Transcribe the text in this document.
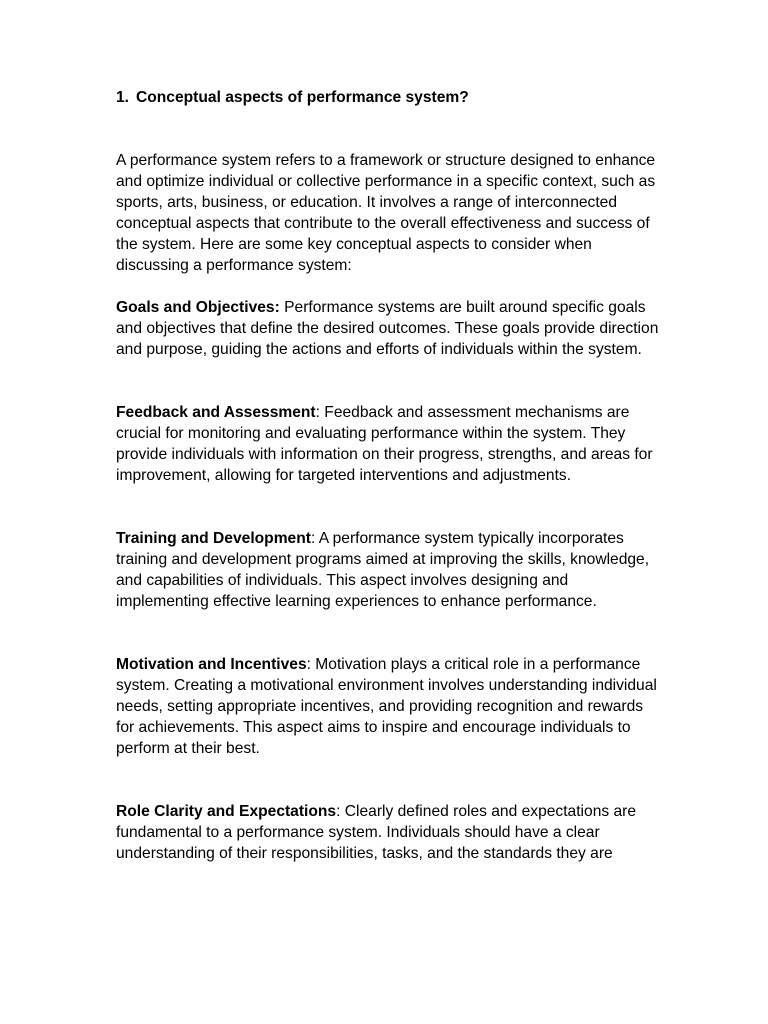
1. Conceptual aspects of performance system?

A performance system refers to a framework or structure designed to enhance and optimize individual or collective performance in a specific context, such as sports, arts, business, or education. It involves a range of interconnected conceptual aspects that contribute to the overall effectiveness and success of the system. Here are some key conceptual aspects to consider when discussing a performance system:

Goals and Objectives: Performance systems are built around specific goals and objectives that define the desired outcomes. These goals provide direction and purpose, guiding the actions and efforts of individuals within the system.

Feedback and Assessment: Feedback and assessment mechanisms are crucial for monitoring and evaluating performance within the system. They provide individuals with information on their progress, strengths, and areas for improvement, allowing for targeted interventions and adjustments.

Training and Development: A performance system typically incorporates training and development programs aimed at improving the skills, knowledge, and capabilities of individuals. This aspect involves designing and implementing effective learning experiences to enhance performance.

Motivation and Incentives: Motivation plays a critical role in a performance system. Creating a motivational environment involves understanding individual needs, setting appropriate incentives, and providing recognition and rewards for achievements. This aspect aims to inspire and encourage individuals to perform at their best.

Role Clarity and Expectations: Clearly defined roles and expectations are fundamental to a performance system. Individuals should have a clear understanding of their responsibilities, tasks, and the standards they are
